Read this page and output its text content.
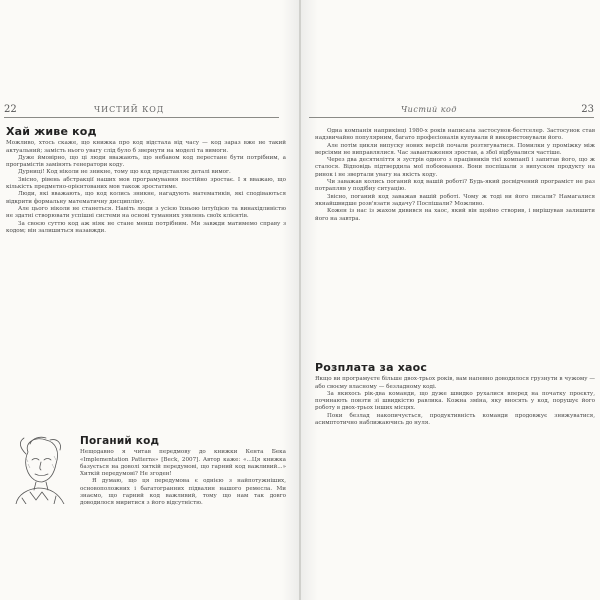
22	ЧИСТИЙ КОД
Хай живе код

Можливо, хтось скаже, що книжка про код відстала від часу — код зараз вже не такий актуальний; замість нього увагу слід було б звернути на моделі та вимоги.

Дуже ймовірно, що ці люди вважають, що небавом код перестане бути потрібним, а програмістів замінять генератори коду.

Дурниці! Код ніколи не зникне, тому що код представляє деталі вимог.

Звісно, рівень абстракції наших мов програмування постійно зростає. І я вважаю, що кількість предметно-орієнтованих мов також зростатиме.

Люди, які вважають, що код колись зникне, нагадують математиків, які сподіваються відкрити формальну математичну дисципліну.

Але цього ніколи не станеться. Навіть люди з усією їхньою інтуїцією та винахідливістю не здатні створювати успішні системи на основі туманних уявлень своїх клієнтів.

За своєю суттю код аж ніяк не стане менш потрібним. Ми завжди матимемо справу з кодом; він залишиться назавжди.

Поганий код

Нещодавно я читав передмову до книжки Кента Бека «Implementation Patterns» [Beck, 2007]. Автор каже: «...Ця книжка базується на доволі хиткій передумові, що гарний код важливий...» Хиткій передумові? Не згоден!

Я думаю, що ця передумова є однією з найпотужніших, основоположних і багатогранних підвалин нашого ремесла. Ми знаємо, що гарний код важливий, тому що нам так довго доводилося миритися з його відсутністю.

Чистий код	23

Одна компанія наприкінці 1980-х років написала застосунок-бестселер. Застосунок став надзвичайно популярним, багато професіоналів купували й використовували його.

Але потім цикли випуску нових версій почали розтягуватися. Помилки у проміжку між версіями не виправлялися. Час завантаження зростав, а збої відбувалися частіше.

Через два десятиліття я зустрів одного з працівників тієї компанії і запитав його, що ж сталося. Відповідь підтвердила мої побоювання. Вони поспішали з випуском продукту на ринок і не звертали увагу на якість коду.

Чи заважав колись поганий код вашій роботі? Будь-який досвідчений програміст не раз потрапляв у подібну ситуацію.

Звісно, поганий код заважав вашій роботі. Чому ж тоді ви його писали? Намагалися якнайшвидше розв'язати задачу? Поспішали? Можливо.

Кожен із нас із жахом дивився на хаос, який він щойно створив, і вирішував залишити його на завтра.

Розплата за хаос

Якщо ви програмуєте більше двох-трьох років, вам напевно доводилося грузнути в чужому — або своєму власному — безладному коді.

За якихось рік-два команди, що дуже швидко рухалися вперед на початку проєкту, починають повзти зі швидкістю равлика. Кожна зміна, яку вносять у код, порушує його роботу в двох-трьох інших місцях.

Поки безлад накопичується, продуктивність команди продовжує знижуватися, асимптотично наближаючись до нуля.
